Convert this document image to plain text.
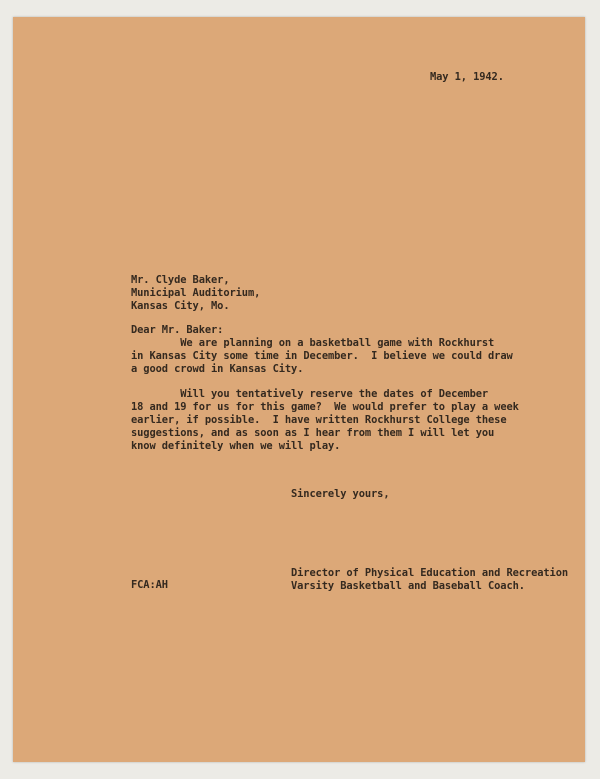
May 1, 1942.
Mr. Clyde Baker,
Municipal Auditorium,
Kansas City, Mo.
Dear Mr. Baker:
We are planning on a basketball game with Rockhurst
in Kansas City some time in December.  I believe we could draw
a good crowd in Kansas City.
Will you tentatively reserve the dates of December
18 and 19 for us for this game?  We would prefer to play a week
earlier, if possible.  I have written Rockhurst College these
suggestions, and as soon as I hear from them I will let you
know definitely when we will play.
Sincerely yours,
Director of Physical Education and Recreation
Varsity Basketball and Baseball Coach.
FCA:AH
